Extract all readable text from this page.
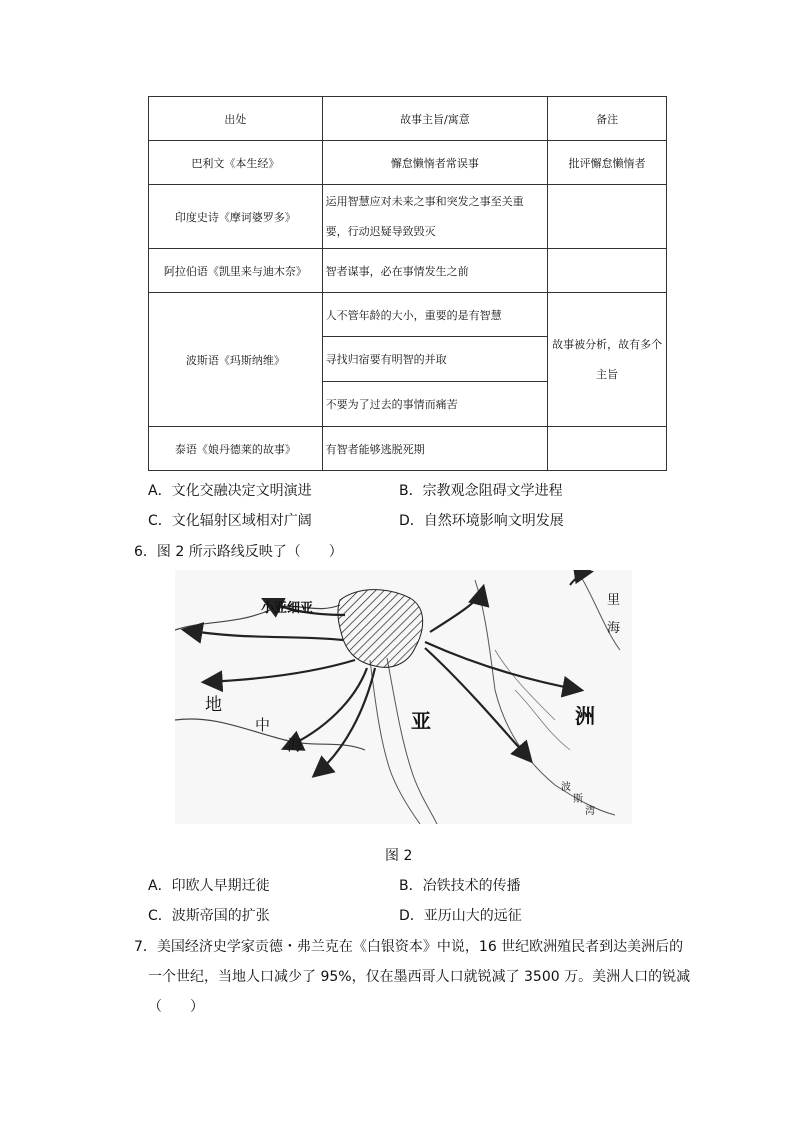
出处	故事主旨/寓意	备注
巴利文《本生经》	懈怠懒惰者常误事	批评懈怠懒惰者
印度史诗《摩诃婆罗多》	运用智慧应对未来之事和突发之事至关重要，行动迟疑导致毁灭	
阿拉伯语《凯里来与迪木奈》	智者谋事，必在事情发生之前	
波斯语《玛斯纳维》	人不管年龄的大小，重要的是有智慧	故事被分析，故有多个主旨
	寻找归宿要有明智的并取	
	不要为了过去的事情而痛苦	
泰语《娘丹德莱的故事》	有智者能够逃脱死期	
A．文化交融决定文明演进	B．宗教观念阻碍文学进程
C．文化辐射区域相对广阔	D．自然环境影响文明发展
6．图 2 所示路线反映了（　　）
小亚细亚
地
中
海
亚	洲
里
海
波
斯
湾
图 2
A．印欧人早期迁徙	B．冶铁技术的传播
C．波斯帝国的扩张	D．亚历山大的远征
7．美国经济史学家贡德・弗兰克在《白银资本》中说，16 世纪欧洲殖民者到达美洲后的
一个世纪，当地人口减少了 95%，仅在墨西哥人口就锐减了 3500 万。美洲人口的锐减
（　　）
